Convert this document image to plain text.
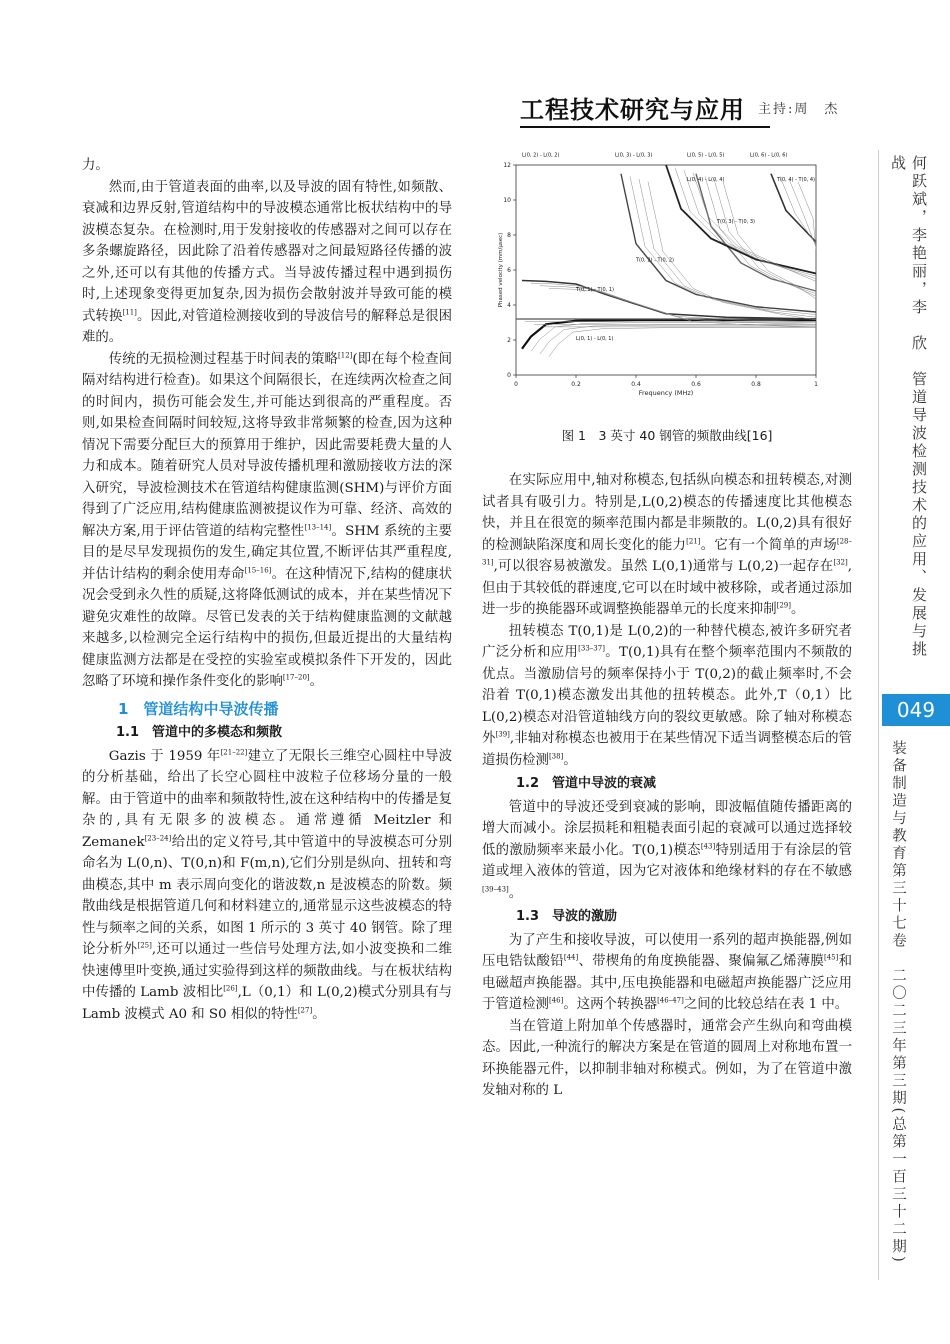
工程技术研究与应用 主持:周　杰

力。

然而,由于管道表面的曲率,以及导波的固有特性,如频散、衰减和边界反射,管道结构中的导波模态通常比板状结构中的导波模态复杂。在检测时,用于发射接收的传感器对之间可以存在多条螺旋路径，因此除了沿着传感器对之间最短路径传播的波之外,还可以有其他的传播方式。当导波传播过程中遇到损伤时,上述现象变得更加复杂,因为损伤会散射波并导致可能的模式转换[11]。因此,对管道检测接收到的导波信号的解释总是很困难的。

传统的无损检测过程基于时间表的策略[12](即在每个检查间隔对结构进行检查)。如果这个间隔很长，在连续两次检查之间的时间内，损伤可能会发生,并可能达到很高的严重程度。否则,如果检查间隔时间较短,这将导致非常频繁的检查,因为这种情况下需要分配巨大的预算用于维护，因此需要耗费大量的人力和成本。随着研究人员对导波传播机理和激励接收方法的深入研究，导波检测技术在管道结构健康监测(SHM)与评价方面得到了广泛应用,结构健康监测被提议作为可靠、经济、高效的解决方案,用于评估管道的结构完整性[13–14]。SHM 系统的主要目的是尽早发现损伤的发生,确定其位置,不断评估其严重程度,并估计结构的剩余使用寿命[15–16]。在这种情况下,结构的健康状况会受到永久性的质疑,这将降低测试的成本，并在某些情况下避免灾难性的故障。尽管已发表的关于结构健康监测的文献越来越多,以检测完全运行结构中的损伤,但最近提出的大量结构健康监测方法都是在受控的实验室或模拟条件下开发的，因此忽略了环境和操作条件变化的影响[17–20]。

1　管道结构中导波传播
1.1　管道中的多模态和频散

Gazis 于 1959 年[21–22]建立了无限长三维空心圆柱中导波的分析基础，给出了长空心圆柱中波粒子位移场分量的一般解。由于管道中的曲率和频散特性,波在这种结构中的传播是复杂的,具有无限多的波模态。通常遵循 Meitzler 和 Zemanek[23–24]给出的定义符号,其中管道中的导波模态可分别命名为 L(0,n)、T(0,n)和 F(m,n),它们分别是纵向、扭转和弯曲模态,其中 m 表示周向变化的谐波数,n 是波模态的阶数。频散曲线是根据管道几何和材料建立的,通常显示这些波模态的特性与频率之间的关系，如图 1 所示的 3 英寸 40 钢管。除了理论分析外[25],还可以通过一些信号处理方法,如小波变换和二维快速傅里叶变换,通过实验得到这样的频散曲线。与在板状结构中传播的 Lamb 波相比[26],L（0,1）和 L(0,2)模式分别具有与 Lamb 波模式 A0 和 S0 相似的特性[27]。

0	0.2	0.4	0.6	0.8	1
0
2
4
6
8
10
12
Frequency (MHz)
Phased velocity (mm/μsec)
L(0, 2) - L(0, 2)	L(0, 3) - L(0, 3)	L(0, 5) - L(0, 5)	L(0, 6) - L(0, 6)
L(0, 4) - L(0, 4)	T(0, 4) - T(0, 4)
T(0, 3) - T(0, 3)
T(0, 2) - T(0, 2)
T(0, 1) - T(0, 1)
L(0, 1) - L(0, 1)
图 1　3 英寸 40 钢管的频散曲线[16]

在实际应用中,轴对称模态,包括纵向模态和扭转模态,对测试者具有吸引力。特别是,L(0,2)模态的传播速度比其他模态快，并且在很宽的频率范围内都是非频散的。L(0,2)具有很好的检测缺陷深度和周长变化的能力[21]。它有一个简单的声场[28–31],可以很容易被激发。虽然 L(0,1)通常与 L(0,2)一起存在[32],但由于其较低的群速度,它可以在时域中被移除，或者通过添加进一步的换能器环或调整换能器单元的长度来抑制[29]。

扭转模态 T(0,1)是 L(0,2)的一种替代模态,被许多研究者广泛分析和应用[33–37]。T(0,1)具有在整个频率范围内不频散的优点。当激励信号的频率保持小于 T(0,2)的截止频率时,不会沿着 T(0,1)模态激发出其他的扭转模态。此外,T（0,1）比 L(0,2)模态对沿管道轴线方向的裂纹更敏感。除了轴对称模态外[39],非轴对称模态也被用于在某些情况下适当调整模态后的管道损伤检测[38]。

1.2　管道中导波的衰减

管道中的导波还受到衰减的影响，即波幅值随传播距离的增大而减小。涂层损耗和粗糙表面引起的衰减可以通过选择较低的激励频率来最小化。T(0,1)模态[43]特别适用于有涂层的管道或埋入液体的管道，因为它对液体和绝缘材料的存在不敏感[39–43]。

1.3　导波的激励

为了产生和接收导波，可以使用一系列的超声换能器,例如压电锆钛酸铅[44]、带楔角的角度换能器、聚偏氟乙烯薄膜[45]和电磁超声换能器。其中,压电换能器和电磁超声换能器广泛应用于管道检测[46]。这两个转换器[46–47]之间的比较总结在表 1 中。

当在管道上附加单个传感器时，通常会产生纵向和弯曲模态。因此,一种流行的解决方案是在管道的圆周上对称地布置一环换能器元件，以抑制非轴对称模式。例如，为了在管道中激发轴对称的 L

何跃斌，李艳丽，李　欣　管道导波检测技术的应用、发展与挑战
049
装备制造与教育第三十七卷　二〇二三年第三期(总第一百三十二期)
